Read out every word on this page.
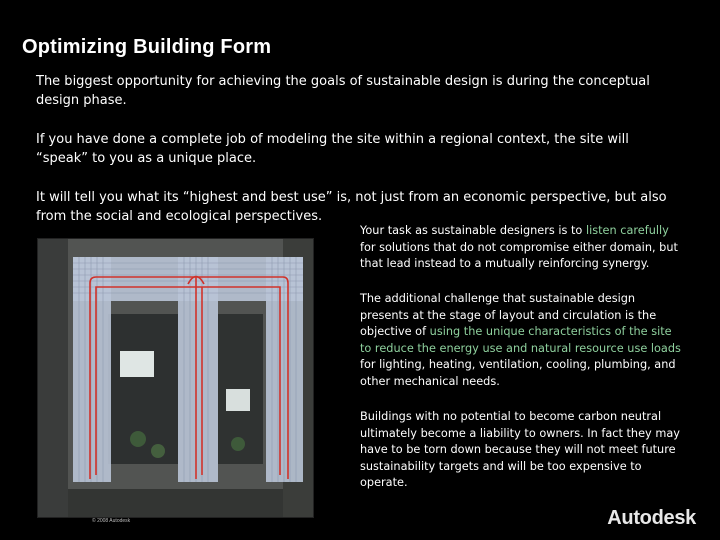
Optimizing Building Form

The biggest opportunity for achieving the goals of sustainable design is during the conceptual design phase.

If you have done a complete job of modeling the site within a regional context, the site will “speak” to you as a unique place.

It will tell you what its “highest and best use” is, not just from an economic perspective, but also from the social and ecological perspectives.

Your task as sustainable designers is to listen carefully for solutions that do not compromise either domain, but that lead instead to a mutually reinforcing synergy.

The additional challenge that sustainable design presents at the stage of layout and circulation is the objective of using the unique characteristics of the site to reduce the energy use and natural resource use loads for lighting, heating, ventilation, cooling, plumbing, and other mechanical needs.

Buildings with no potential to become carbon neutral ultimately become a liability to owners. In fact they may have to be torn down because they will not meet future sustainability targets and will be too expensive to operate.

© 2008 Autodesk	Autodesk
